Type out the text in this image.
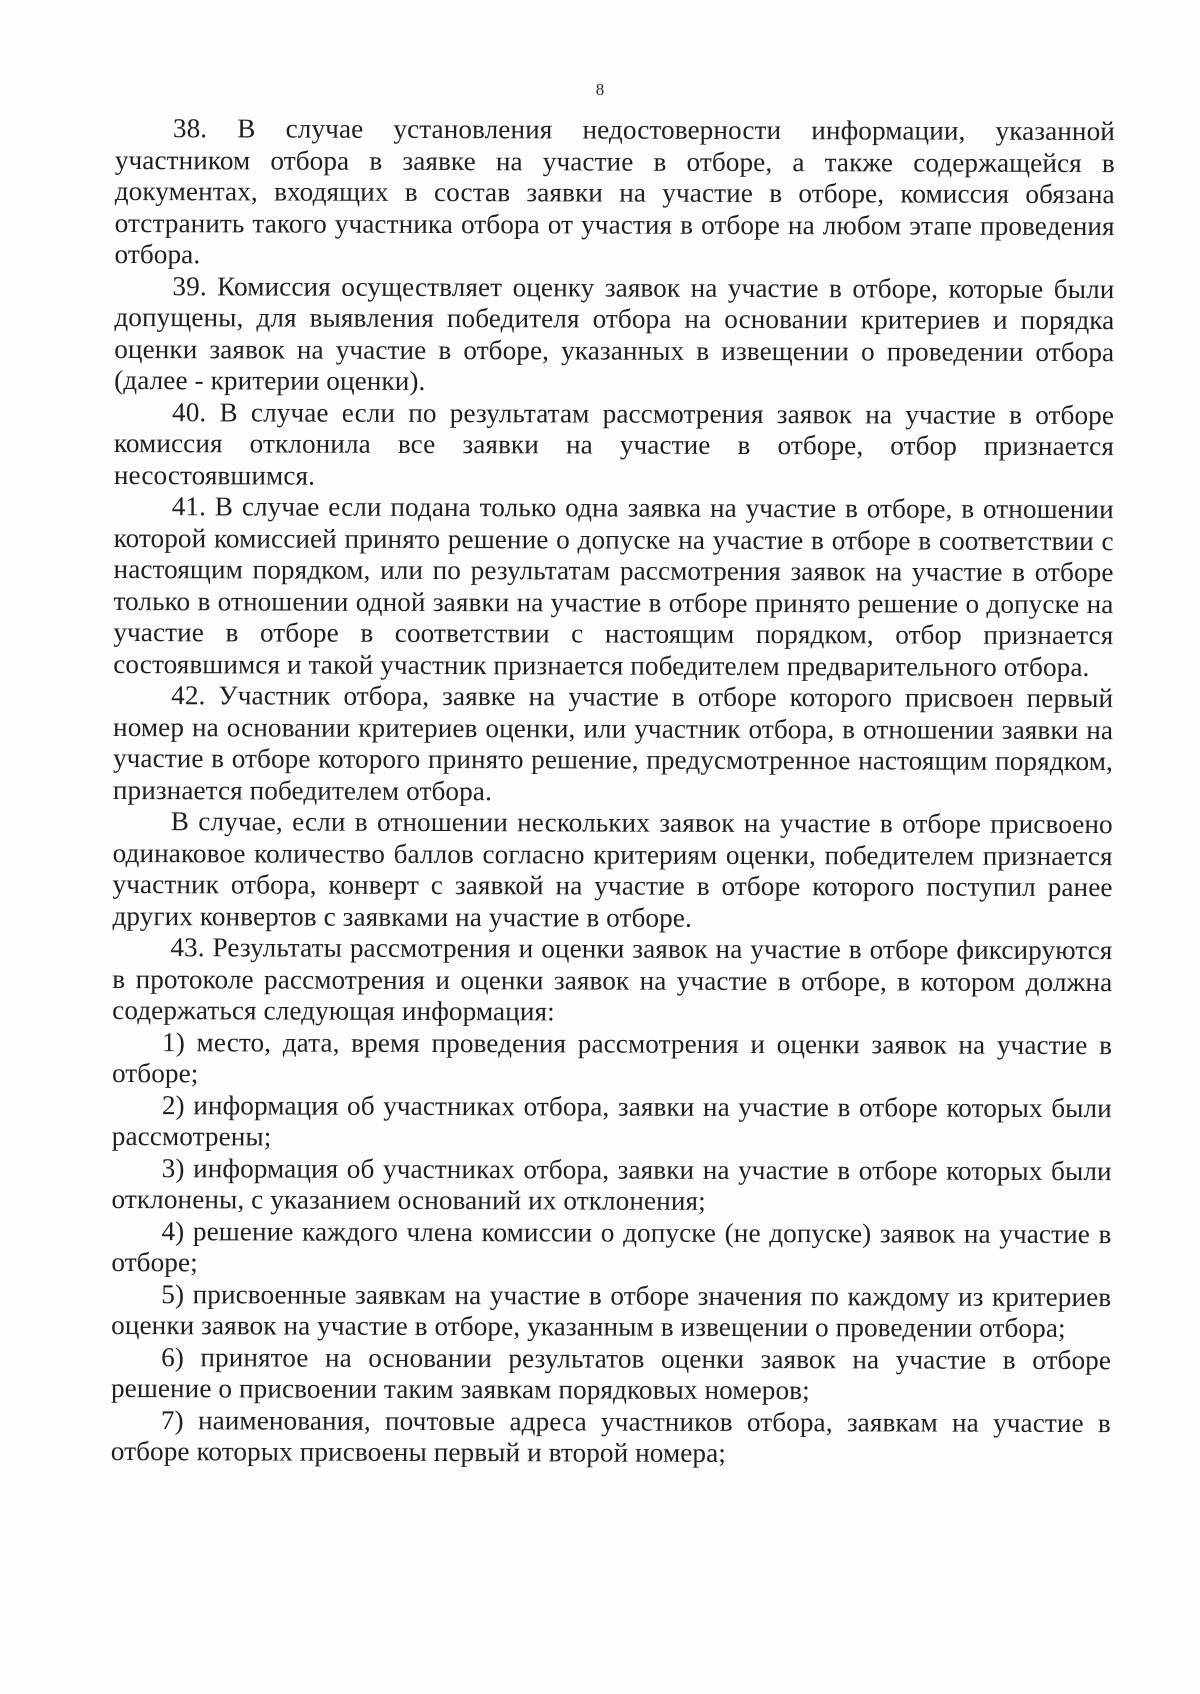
8

38. В случае установления недостоверности информации, указанной участником отбора в заявке на участие в отборе, а также содержащейся в документах, входящих в состав заявки на участие в отборе, комиссия обязана отстранить такого участника отбора от участия в отборе на любом этапе проведения отбора.

39. Комиссия осуществляет оценку заявок на участие в отборе, которые были допущены, для выявления победителя отбора на основании критериев и порядка оценки заявок на участие в отборе, указанных в извещении о проведении отбора (далее - критерии оценки).

40. В случае если по результатам рассмотрения заявок на участие в отборе комиссия отклонила все заявки на участие в отборе, отбор признается несостоявшимся.

41. В случае если подана только одна заявка на участие в отборе, в отношении которой комиссией принято решение о допуске на участие в отборе в соответствии с настоящим порядком, или по результатам рассмотрения заявок на участие в отборе только в отношении одной заявки на участие в отборе принято решение о допуске на участие в отборе в соответствии с настоящим порядком, отбор признается состоявшимся и такой участник признается победителем предварительного отбора.

42. Участник отбора, заявке на участие в отборе которого присвоен первый номер на основании критериев оценки, или участник отбора, в отношении заявки на участие в отборе которого принято решение, предусмотренное настоящим порядком, признается победителем отбора.

В случае, если в отношении нескольких заявок на участие в отборе присвоено одинаковое количество баллов согласно критериям оценки, победителем признается участник отбора, конверт с заявкой на участие в отборе которого поступил ранее других конвертов с заявками на участие в отборе.

43. Результаты рассмотрения и оценки заявок на участие в отборе фиксируются в протоколе рассмотрения и оценки заявок на участие в отборе, в котором должна содержаться следующая информация:

1) место, дата, время проведения рассмотрения и оценки заявок на участие в отборе;

2) информация об участниках отбора, заявки на участие в отборе которых были рассмотрены;

3) информация об участниках отбора, заявки на участие в отборе которых были отклонены, с указанием оснований их отклонения;

4) решение каждого члена комиссии о допуске (не допуске) заявок на участие в отборе;

5) присвоенные заявкам на участие в отборе значения по каждому из критериев оценки заявок на участие в отборе, указанным в извещении о проведении отбора;

6) принятое на основании результатов оценки заявок на участие в отборе решение о присвоении таким заявкам порядковых номеров;

7) наименования, почтовые адреса участников отбора, заявкам на участие в отборе которых присвоены первый и второй номера;
